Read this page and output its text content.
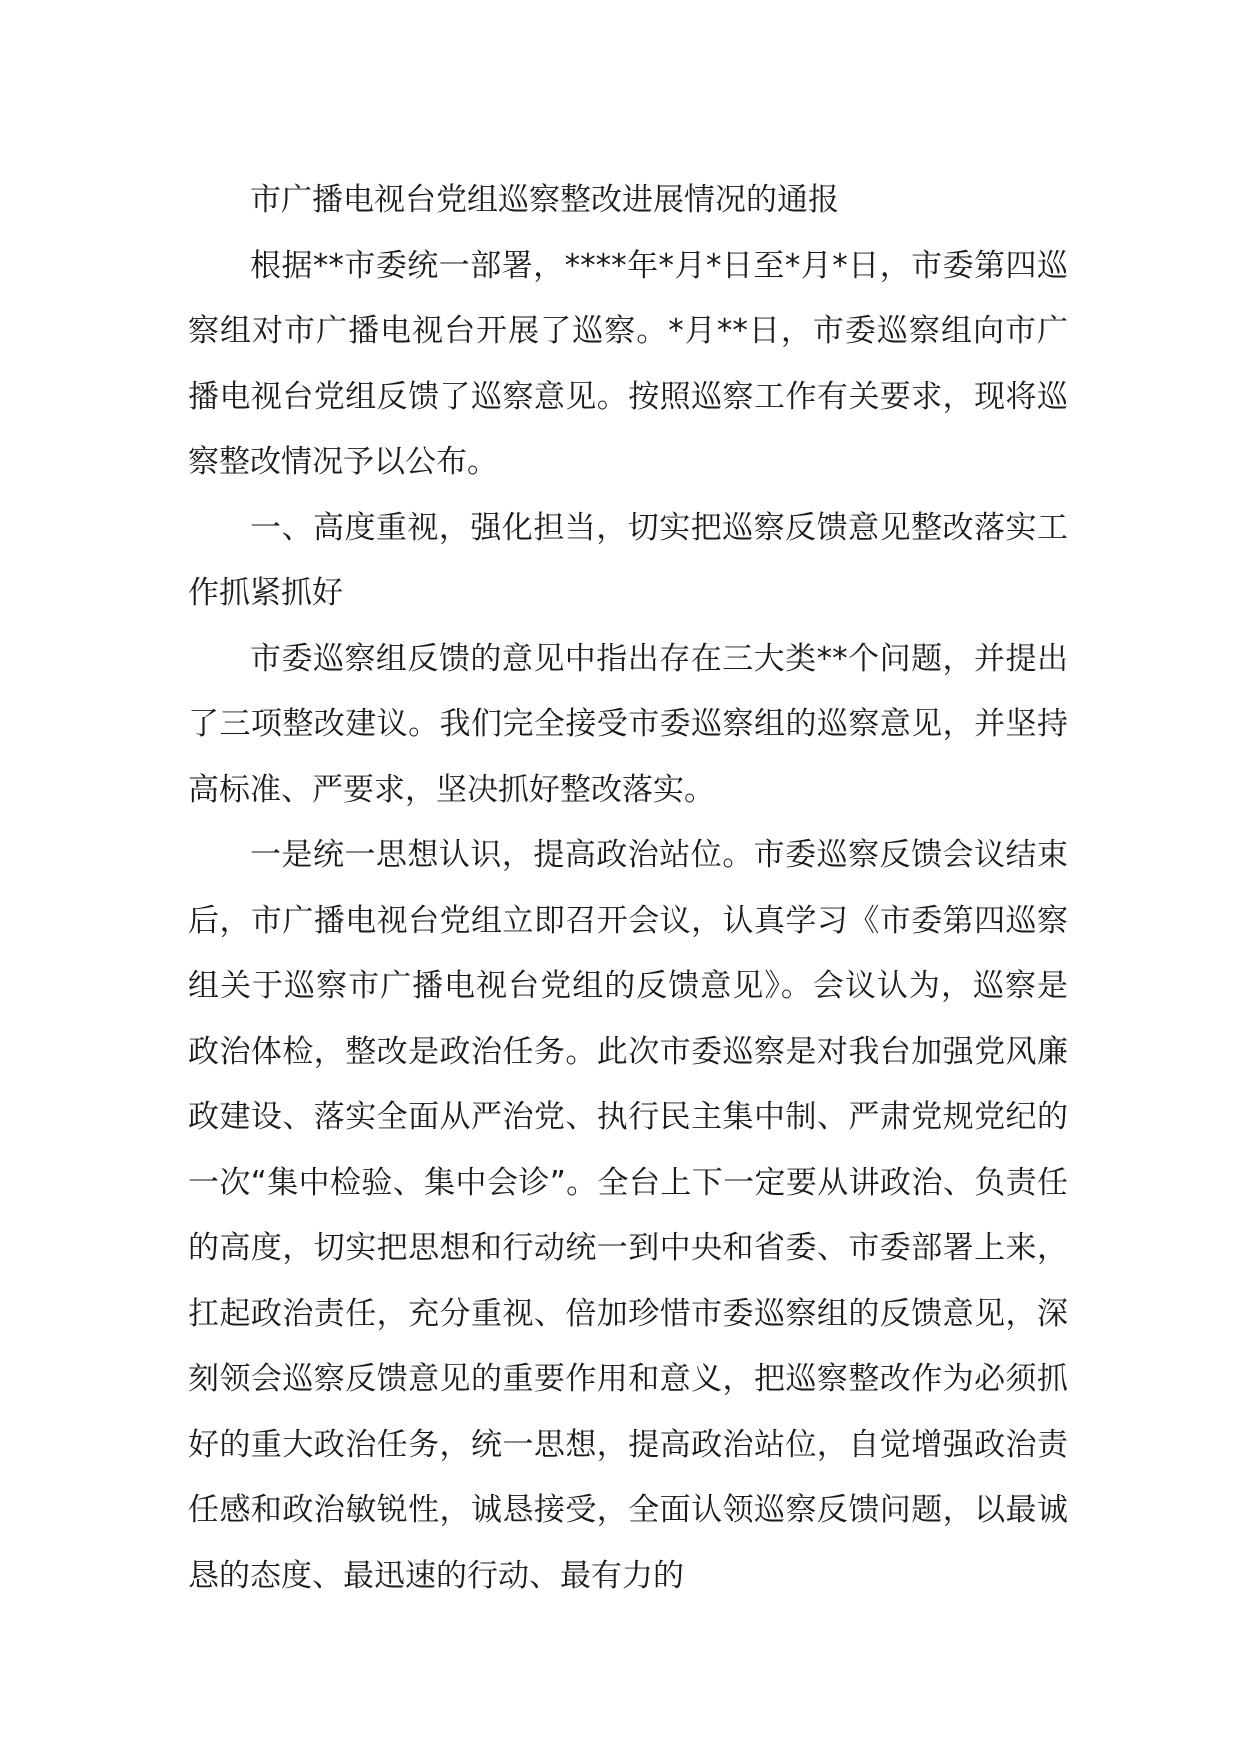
市广播电视台党组巡察整改进展情况的通报

根据**市委统一部署，****年*月*日至*月*日，市委第四巡察组对市广播电视台开展了巡察。*月**日，市委巡察组向市广播电视台党组反馈了巡察意见。按照巡察工作有关要求，现将巡察整改情况予以公布。

一、高度重视，强化担当，切实把巡察反馈意见整改落实工作抓紧抓好

市委巡察组反馈的意见中指出存在三大类**个问题，并提出了三项整改建议。我们完全接受市委巡察组的巡察意见，并坚持高标准、严要求，坚决抓好整改落实。

一是统一思想认识，提高政治站位。市委巡察反馈会议结束后，市广播电视台党组立即召开会议，认真学习《市委第四巡察组关于巡察市广播电视台党组的反馈意见》。会议认为，巡察是政治体检，整改是政治任务。此次市委巡察是对我台加强党风廉政建设、落实全面从严治党、执行民主集中制、严肃党规党纪的一次“集中检验、集中会诊”。全台上下一定要从讲政治、负责任的高度，切实把思想和行动统一到中央和省委、市委部署上来，扛起政治责任，充分重视、倍加珍惜市委巡察组的反馈意见，深刻领会巡察反馈意见的重要作用和意义，把巡察整改作为必须抓好的重大政治任务，统一思想，提高政治站位，自觉增强政治责任感和政治敏锐性，诚恳接受，全面认领巡察反馈问题，以最诚恳的态度、最迅速的行动、最有力的
